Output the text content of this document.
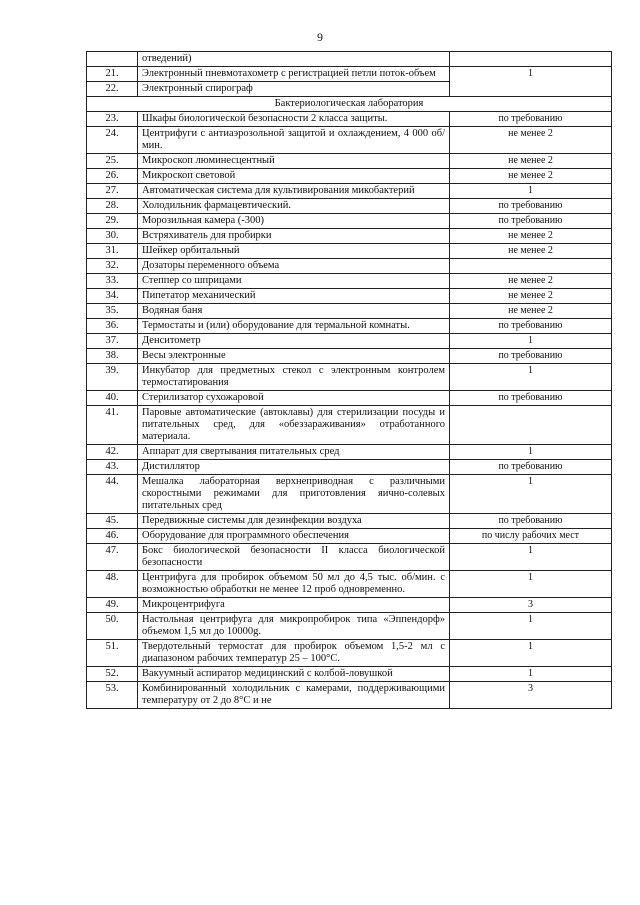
9
	отведений)	
21.	Электронный пневмотахометр с регистрацией петли поток-объем	1
22.	Электронный спирограф	
Бактериологическая лаборатория		
23.	Шкафы биологической безопасности 2 класса защиты.	по требованию
24.	Центрифуги с антиаэрозольной защитой и охлаждением, 4 000 об/мин.	не менее 2
25.	Микроскоп люминесцентный	не менее 2
26.	Микроскоп световой	не менее 2
27.	Автоматическая система для культивирования микобактерий	1
28.	Холодильник фармацевтический.	по требованию
29.	Морозильная камера (-300)	по требованию
30.	Встряхиватель для пробирки	не менее 2
31.	Шейкер орбитальный	не менее 2
32.	Дозаторы переменного объема	
33.	Степпер со шприцами	не менее 2
34.	Пипетатор механический	не менее 2
35.	Водяная баня	не менее 2
36.	Термостаты и (или) оборудование для термальной комнаты.	по требованию
37.	Денситометр	1
38.	Весы электронные	по требованию
39.	Инкубатор для предметных стекол с электронным контролем термостатирования	1
40.	Стерилизатор сухожаровой	по требованию
41.	Паровые автоматические (автоклавы) для стерилизации посуды и питательных сред, для «обеззараживания» отработанного материала.	
42.	Аппарат для свертывания питательных сред	1
43.	Дистиллятор	по требованию
44.	Мешалка лабораторная верхнеприводная с различными скоростными режимами для приготовления яично-солевых питательных сред	1
45.	Передвижные системы для дезинфекции воздуха	по требованию
46.	Оборудование для программного обеспечения	по числу рабочих мест
47.	Бокс биологической безопасности II класса биологической безопасности	1
48.	Центрифуга для пробирок объемом 50 мл до 4,5 тыс. об/мин. с возможностью обработки не менее 12 проб одновременно.	1
49.	Микроцентрифуга	3
50.	Настольная центрифуга для микропробирок типа «Эппендорф» объемом 1,5 мл до 10000g.	1
51.	Твердотельный термостат для пробирок объемом 1,5-2 мл с диапазоном рабочих температур 25 – 100°С.	1
52.	Вакуумный аспиратор медицинский с колбой-ловушкой	1
53.	Комбинированный холодильник с камерами, поддерживающими температуру от 2 до 8°С и не	3
